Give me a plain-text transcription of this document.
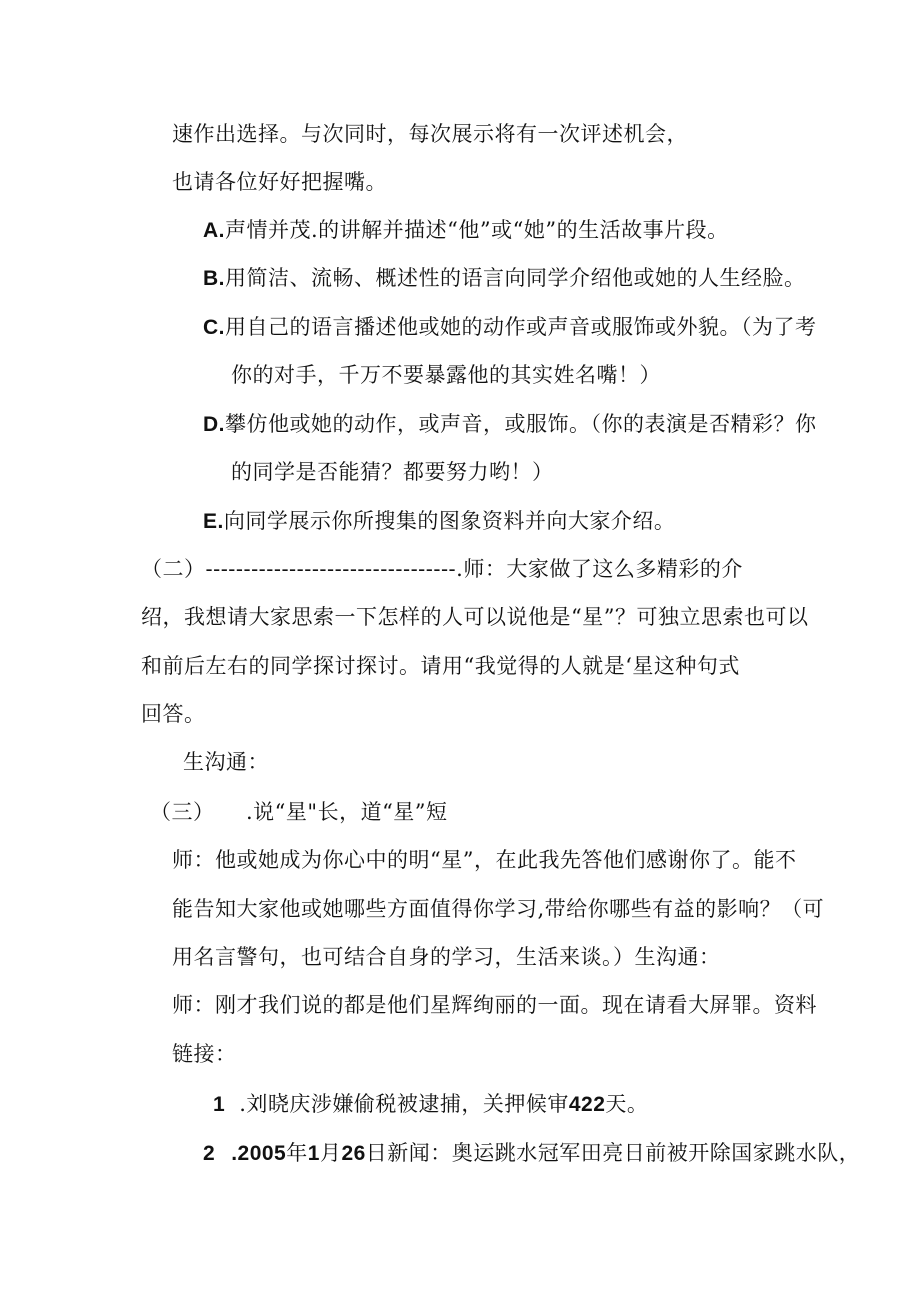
速作出选择。与次同时，每次展示将有一次评述机会，
也请各位好好把握嘴。
A.声情并茂.的讲解并描述“他”或“她”的生活故事片段。
B.用简洁、流畅、概述性的语言向同学介绍他或她的人生经脸。
C.用自己的语言播述他或她的动作或声音或服饰或外貌。（为了考
你的对手，千万不要暴露他的其实姓名嘴！）
D.攀仿他或她的动作，或声音，或服饰。（你的表演是否精彩？你
的同学是否能猜？都要努力哟！）
E.向同学展示你所搜集的图象资料并向大家介绍。
（二）---------------------------------.师：大家做了这么多精彩的介
绍，我想请大家思索一下怎样的人可以说他是“星”？可独立思索也可以
和前后左右的同学探讨探讨。请用“我觉得的人就是‘星这种句式
回答。
生沟通：
（三） .说“星"长，道“星”短
师：他或她成为你心中的明“星”，在此我先答他们感谢你了。能不
能告知大家他或她哪些方面值得你学习,带给你哪些有益的影响？（可
用名言警句，也可结合自身的学习，生活来谈。）生沟通：
师：刚才我们说的都是他们星辉绚丽的一面。现在请看大屏罪。资料
链接：
1 .刘晓庆涉嫌偷税被逮捕，关押候审422天。
2 .2005年1月26日新闻：奥运跳水冠军田亮日前被开除国家跳水队，
